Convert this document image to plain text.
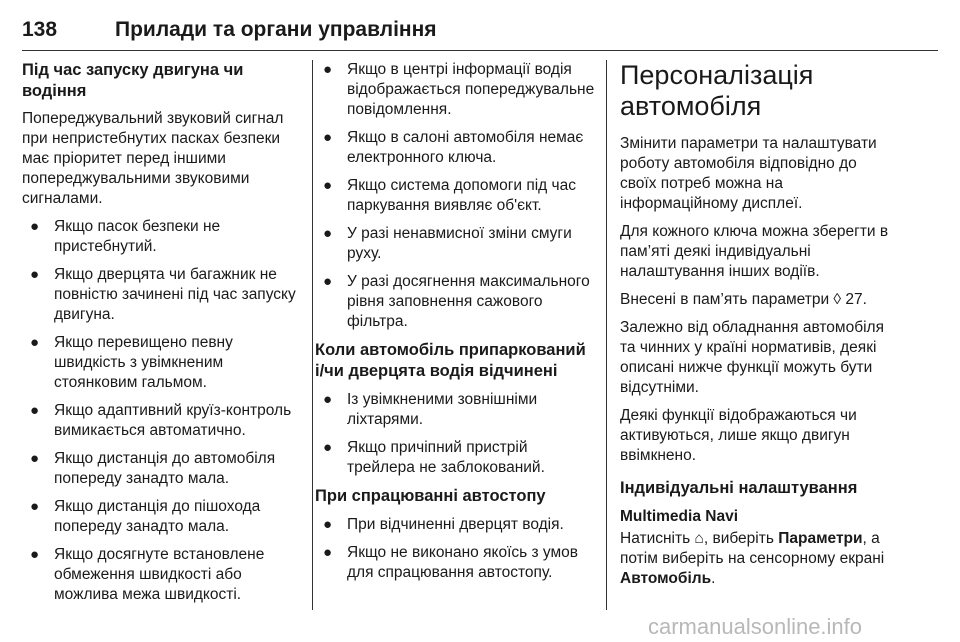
138	Прилади та органи управління
Під час запуску двигуна чи водіння

Попереджувальний звуковий сигнал при непристебнутих пасках безпеки має пріоритет перед іншими попереджувальними звуковими сигналами.

● Якщо пасок безпеки не пристебнутий.
● Якщо дверцята чи багажник не повністю зачинені під час запуску двигуна.
● Якщо перевищено певну швидкість з увімкненим стоянковим гальмом.
● Якщо адаптивний круїз-контроль вимикається автоматично.
● Якщо дистанція до автомобіля попереду занадто мала.
● Якщо дистанція до пішохода попереду занадто мала.
● Якщо досягнуте встановлене обмеження швидкості або можлива межа швидкості.
● Якщо в центрі інформації водія відображається попереджувальне повідомлення.
● Якщо в салоні автомобіля немає електронного ключа.
● Якщо система допомоги під час паркування виявляє об'єкт.
● У разі ненавмисної зміни смуги руху.
● У разі досягнення максимального рівня заповнення сажового фільтра.
Коли автомобіль припаркований і/чи дверцята водія відчинені
● Із увімкненими зовнішніми ліхтарями.
● Якщо причіпний пристрій трейлера не заблокований.
При спрацюванні автостопу
● При відчиненні дверцят водія.
● Якщо не виконано якоїсь з умов для спрацювання автостопу.
Персоналізація автомобіля

Змінити параметри та налаштувати роботу автомобіля відповідно до своїх потреб можна на інформаційному дисплеї.

Для кожного ключа можна зберегти в пам’яті деякі індивідуальні налаштування інших водіїв.

Внесені в пам’ять параметри ◊ 27.

Залежно від обладнання автомобіля та чинних у країні нормативів, деякі описані нижче функції можуть бути відсутніми.

Деякі функції відображаються чи активуються, лише якщо двигун ввімкнено.

Індивідуальні налаштування
Multimedia Navi

Натисніть ⌂, виберіть Параметри, а потім виберіть на сенсорному екрані Автомобіль.

carmanualsonline.info
